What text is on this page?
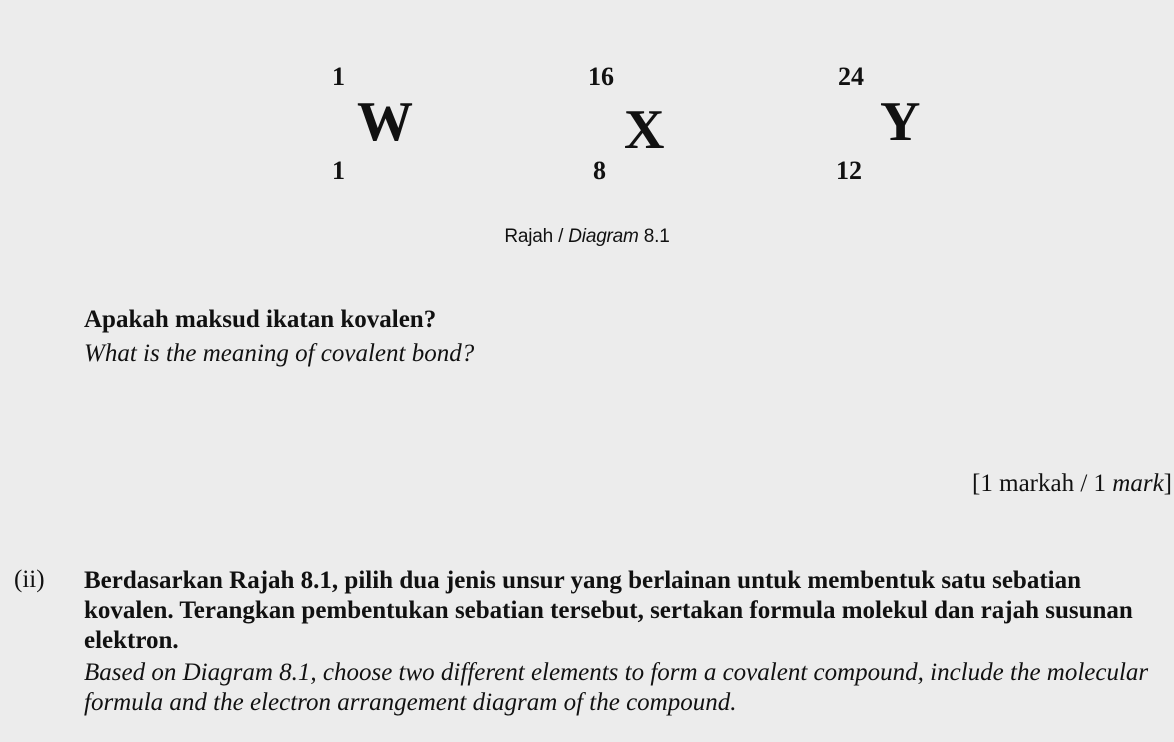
1
W
1
16
X
8
24
Y
12
Rajah / Diagram 8.1
Apakah maksud ikatan kovalen?
What is the meaning of covalent bond?
[1 markah / 1 mark]
(ii) Berdasarkan Rajah 8.1, pilih dua jenis unsur yang berlainan untuk membentuk satu sebatian kovalen. Terangkan pembentukan sebatian tersebut, sertakan formula molekul dan rajah susunan elektron.
Based on Diagram 8.1, choose two different elements to form a covalent compound, include the molecular formula and the electron arrangement diagram of the compound.
